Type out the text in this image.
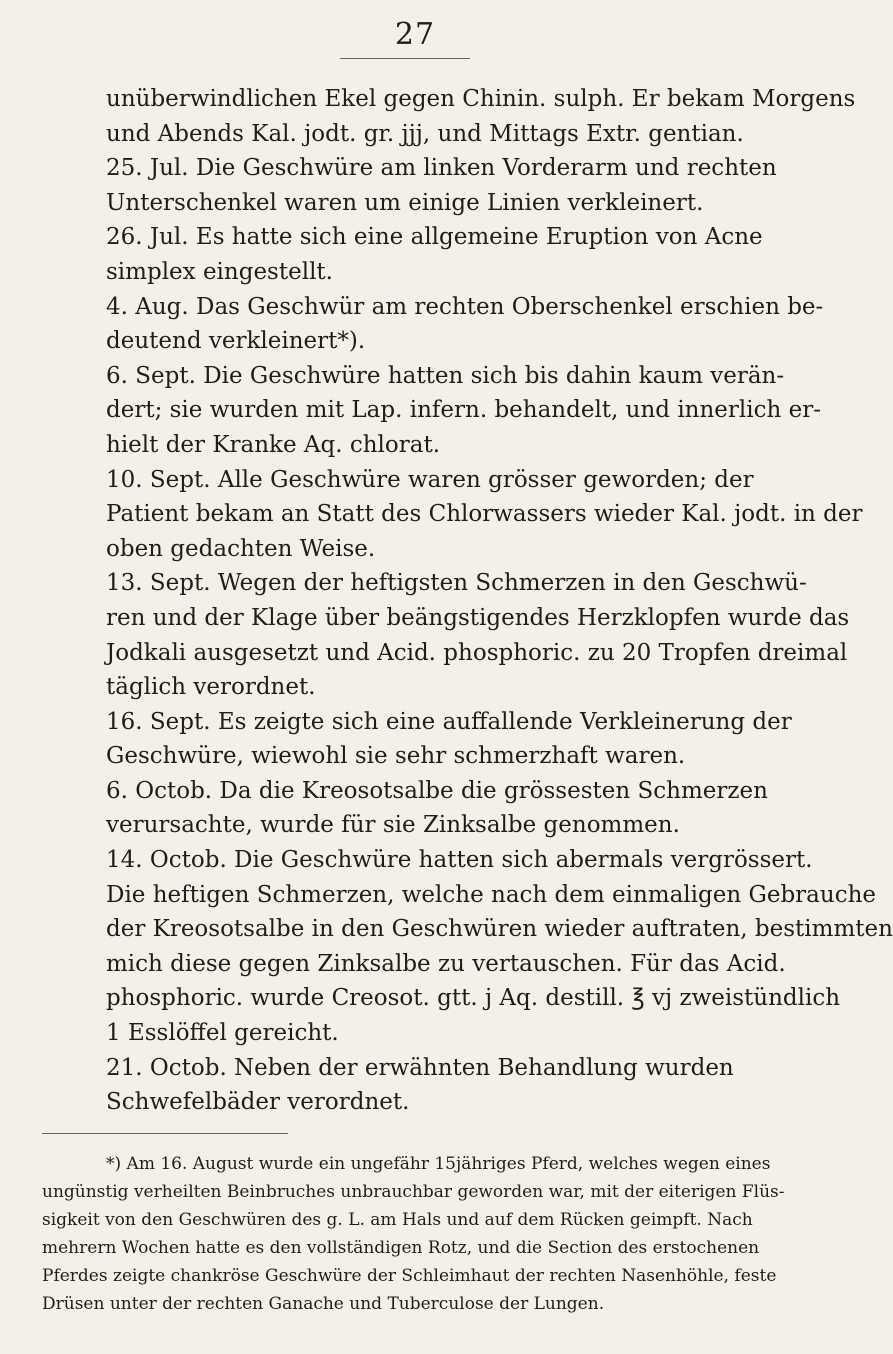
27

unüberwindlichen Ekel gegen Chinin. sulph. Er bekam Morgens
und Abends Kal. jodt. gr. jjj, und Mittags Extr. gentian.

25. Jul. Die Geschwüre am linken Vorderarm und rechten
Unterschenkel waren um einige Linien verkleinert.

26. Jul. Es hatte sich eine allgemeine Eruption von Acne
simplex eingestellt.

4. Aug. Das Geschwür am rechten Oberschenkel erschien be-
deutend verkleinert*).

6. Sept. Die Geschwüre hatten sich bis dahin kaum verän-
dert; sie wurden mit Lap. infern. behandelt, und innerlich er-
hielt der Kranke Aq. chlorat.

10. Sept. Alle Geschwüre waren grösser geworden; der
Patient bekam an Statt des Chlorwassers wieder Kal. jodt. in der
oben gedachten Weise.

13. Sept. Wegen der heftigsten Schmerzen in den Geschwü-
ren und der Klage über beängstigendes Herzklopfen wurde das
Jodkali ausgesetzt und Acid. phosphoric. zu 20 Tropfen dreimal
täglich verordnet.

16. Sept. Es zeigte sich eine auffallende Verkleinerung der
Geschwüre, wiewohl sie sehr schmerzhaft waren.

6. Octob. Da die Kreosotsalbe die grössesten Schmerzen
verursachte, wurde für sie Zinksalbe genommen.

14. Octob. Die Geschwüre hatten sich abermals vergrössert.
Die heftigen Schmerzen, welche nach dem einmaligen Gebrauche
der Kreosotsalbe in den Geschwüren wieder auftraten, bestimmten
mich diese gegen Zinksalbe zu vertauschen. Für das Acid.
phosphoric. wurde Creosot. gtt. j Aq. destill. ℥ vj zweistündlich
1 Esslöffel gereicht.

21. Octob. Neben der erwähnten Behandlung wurden
Schwefelbäder verordnet.

*) Am 16. August wurde ein ungefähr 15jähriges Pferd, welches wegen eines
ungünstig verheilten Beinbruches unbrauchbar geworden war, mit der eiterigen Flüs-
sigkeit von den Geschwüren des g. L. am Hals und auf dem Rücken geimpft. Nach
mehrern Wochen hatte es den vollständigen Rotz, und die Section des erstochenen
Pferdes zeigte chankröse Geschwüre der Schleimhaut der rechten Nasenhöhle, feste
Drüsen unter der rechten Ganache und Tuberculose der Lungen.
